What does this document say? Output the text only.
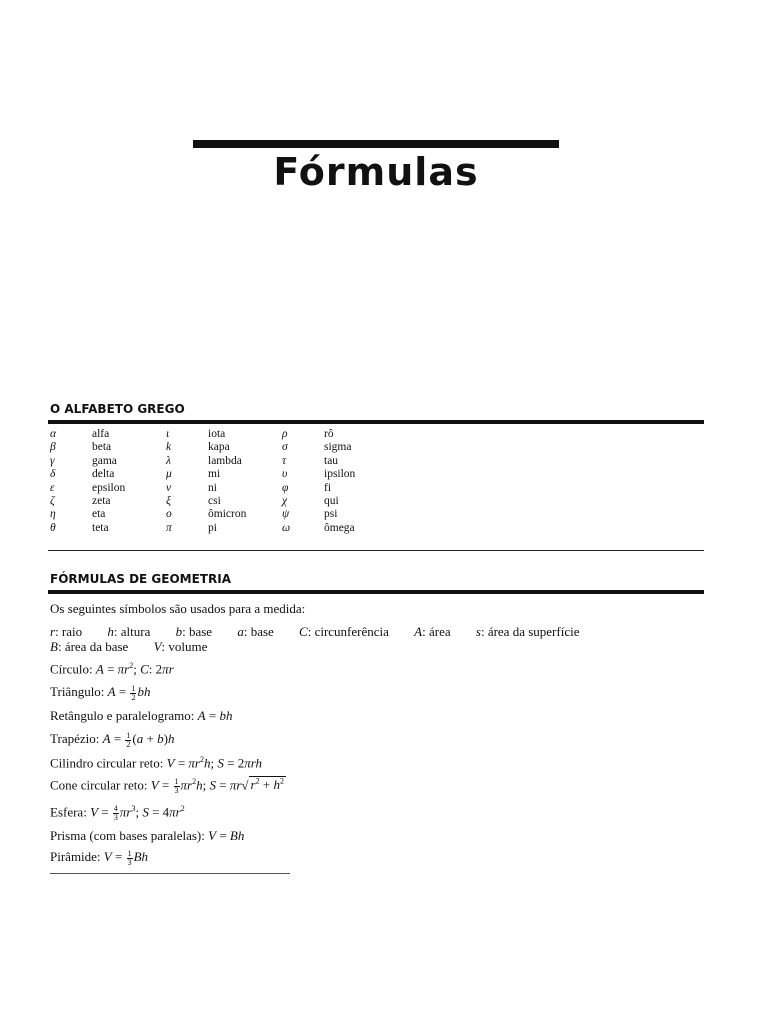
Fórmulas
O ALFABETO GREGO
α	alfa	ι	iota	ρ	rô
β	beta	k	kapa	σ	sigma
γ	gama	λ	lambda	τ	tau
δ	delta	μ	mi	υ	ipsilon
ε	epsilon	ν	ni	φ	fi
ζ	zeta	ξ	csi	χ	qui
η	eta	ο	ômicron	ψ	psi
θ	teta	π	pi	ω	ômega
FÓRMULAS DE GEOMETRIA
Os seguintes símbolos são usados para a medida:
r: raio h: altura b: base a: base C: circunferência A: área s: área da superfície
B: área da base V: volume
Círculo: $A = \pi r^2$; C: 2πr
Triângulo: $A = \frac{1}{2}$ bh
Retângulo e paralelogramo: A = bh
Trapézio: $A = \frac{1}{2} (a + b)h$
Cilindro circular reto: $V = \pi r^2h$; S = 2πrh
Cone circular reto: $V = \frac{1}{3} \pi r^2h$; S = πr√ $r^2 + h^2$
Esfera: $V = \frac{4}{3} \pi r^3$; $S = 4\pi r^2$
Prisma (com bases paralelas): V = Bh
Pirâmide: $V = \frac{1}{3}$ Bh
